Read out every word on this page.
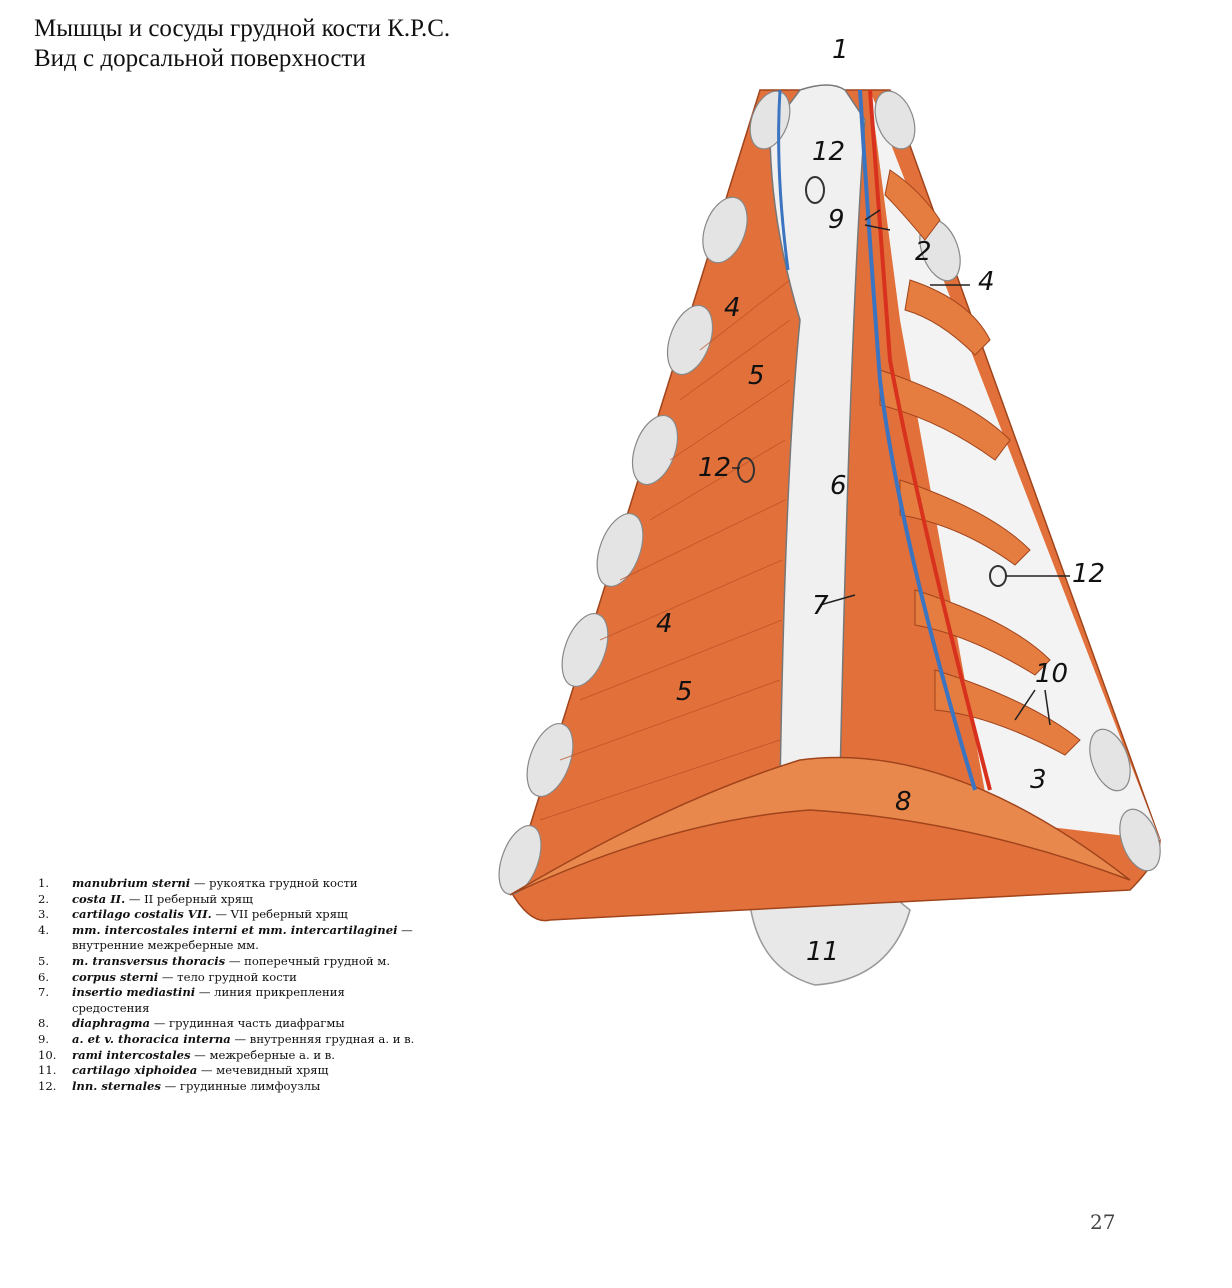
Мышцы и сосуды грудной кости К.Р.С.
Вид с дорсальной поверхности	1
12
9
2
4
4
5
12
6
12
7
4
10
5
3
8
11
1.	manubrium sterni — рукоятка грудной кости
2.	costa II. — II реберный хрящ
3.	cartilago costalis VII. — VII реберный хрящ
4.	mm. intercostales interni et mm. intercartilaginei — внутренние межреберные мм.
5.	m. transversus thoracis — поперечный грудной м.
6.	corpus sterni — тело грудной кости
7.	insertio mediastini — линия прикрепления средостения
8.	diaphragma — грудинная часть диафрагмы
9.	a. et v. thoracica interna — внутренняя грудная а. и в.
10.	rami intercostales — межреберные а. и в.
11.	cartilago xiphoidea — мечевидный хрящ
12.	lnn. sternales — грудинные лимфоузлы
27
